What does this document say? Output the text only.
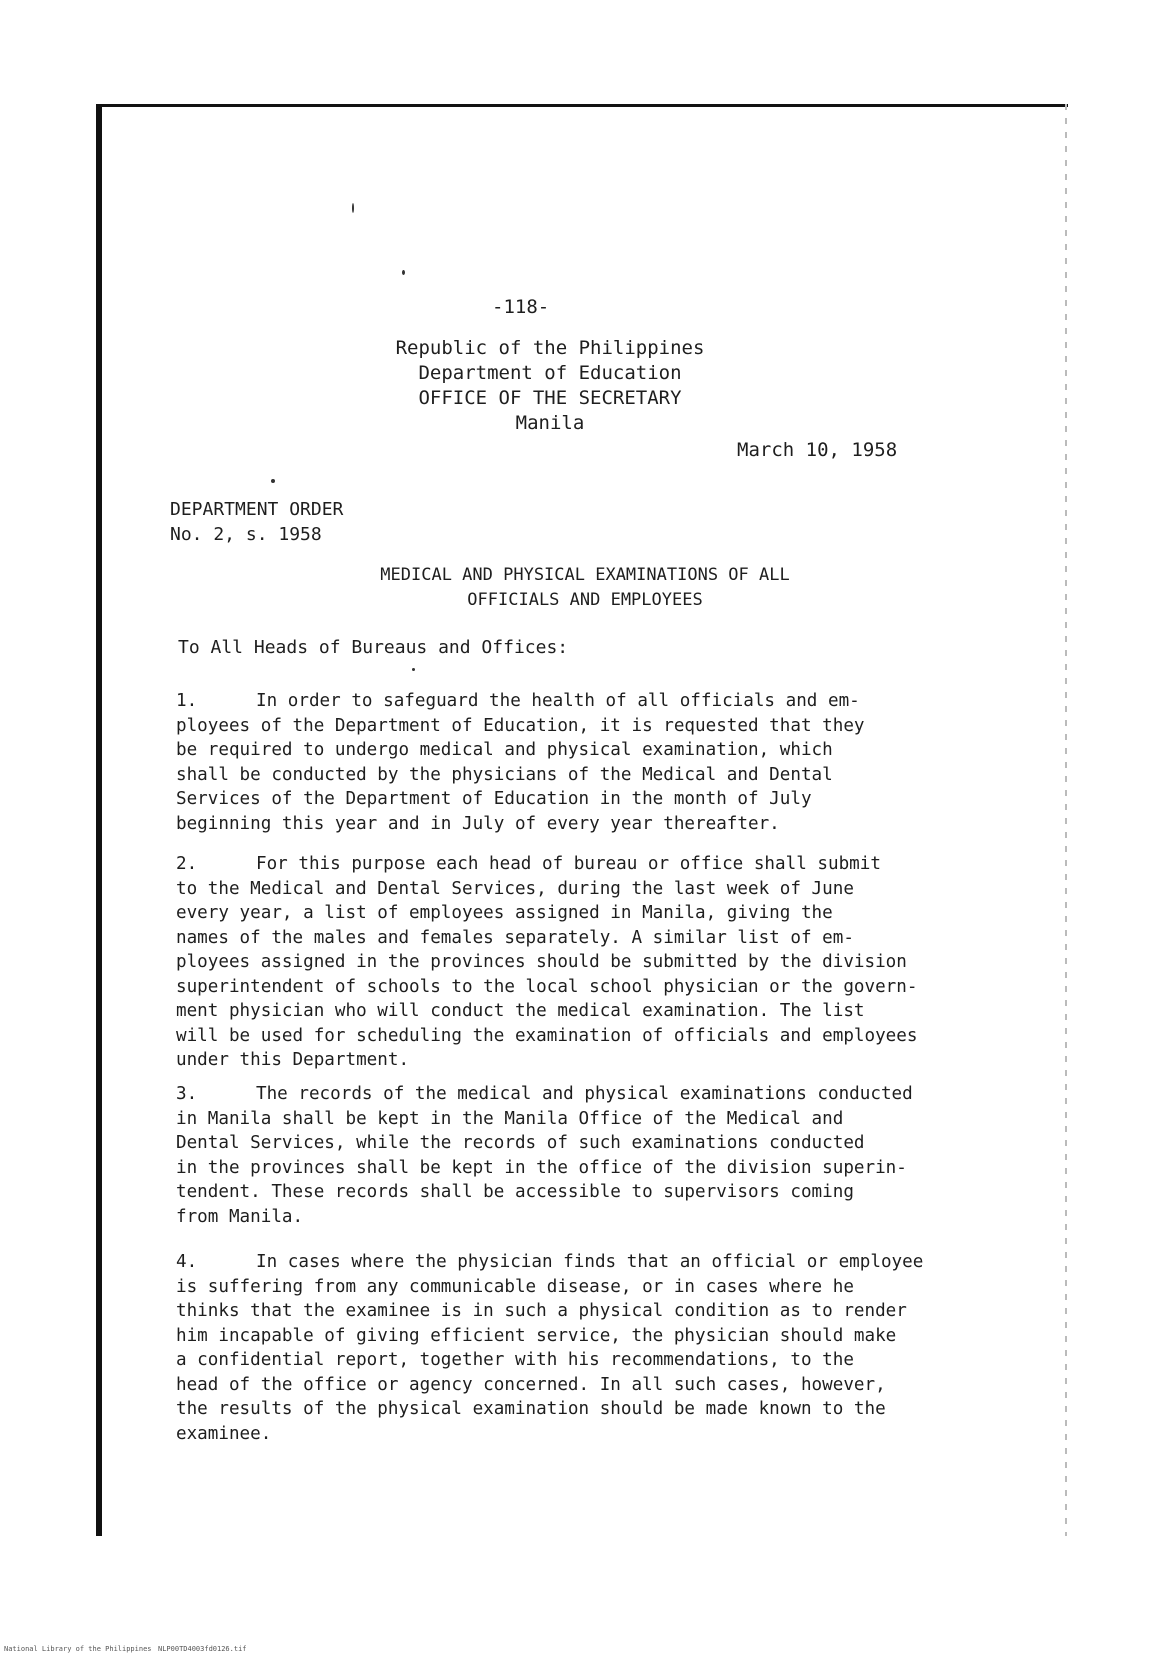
-118-
Republic of the Philippines
Department of Education
OFFICE OF THE SECRETARY
Manila
March 10, 1958
DEPARTMENT ORDER
No. 2, s. 1958
MEDICAL AND PHYSICAL EXAMINATIONS OF ALL
OFFICIALS AND EMPLOYEES
To All Heads of Bureaus and Offices:
1.	In order to safeguard the health of all officials and em-
ployees of the Department of Education, it is requested that they
be required to undergo medical and physical examination, which
shall be conducted by the physicians of the Medical and Dental
Services of the Department of Education in the month of July
beginning this year and in July of every year thereafter.
2.	For this purpose each head of bureau or office shall submit
to the Medical and Dental Services, during the last week of June
every year, a list of employees assigned in Manila, giving the
names of the males and females separately. A similar list of em-
ployees assigned in the provinces should be submitted by the division
superintendent of schools to the local school physician or the govern-
ment physician who will conduct the medical examination. The list
will be used for scheduling the examination of officials and employees
under this Department.
3.	The records of the medical and physical examinations conducted
in Manila shall be kept in the Manila Office of the Medical and
Dental Services, while the records of such examinations conducted
in the provinces shall be kept in the office of the division superin-
tendent. These records shall be accessible to supervisors coming
from Manila.
4.	In cases where the physician finds that an official or employee
is suffering from any communicable disease, or in cases where he
thinks that the examinee is in such a physical condition as to render
him incapable of giving efficient service, the physician should make
a confidential report, together with his recommendations, to the
head of the office or agency concerned. In all such cases, however,
the results of the physical examination should be made known to the
examinee.
National Library of the Philippines NLP00TD4003fd0126.tif
